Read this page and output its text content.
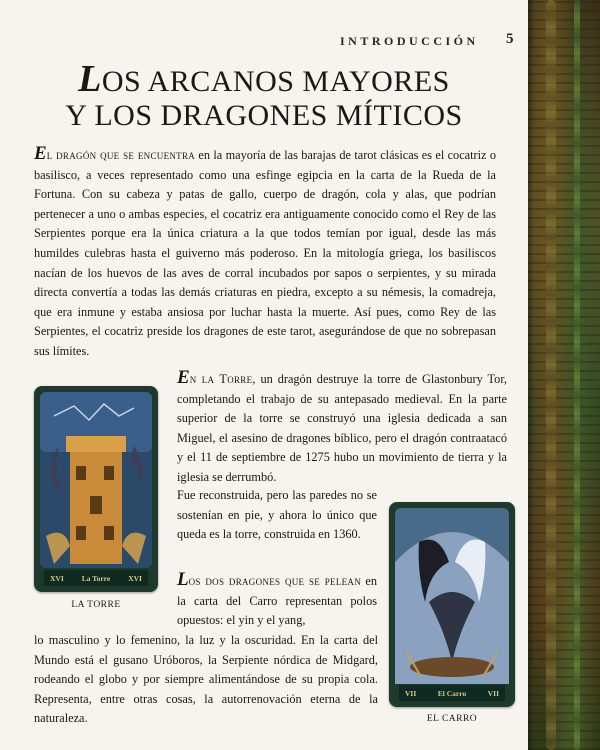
INTRODUCCIÓN 5
LOS ARCANOS MAYORES
Y LOS DRAGONES MÍTICOS
El dragón que se encuentra en la mayoría de las barajas de tarot clásicas es el cocatriz o basilisco, a veces representado como una esfinge egipcia en la carta de la Rueda de la Fortuna. Con su cabeza y patas de gallo, cuerpo de dragón, cola y alas, que podrían pertenecer a uno o ambas especies, el cocatriz era antiguamente conocido como el Rey de las Serpientes porque era la única criatura a la que todos temían por igual, desde las más humildes culebras hasta el guiverno más poderoso. En la mitología griega, los basiliscos nacían de los huevos de las aves de corral incubados por sapos o serpientes, y su mirada directa convertía a todas las demás criaturas en piedra, excepto a su némesis, la comadreja, que era inmune y estaba ansiosa por luchar hasta la muerte. Así pues, como Rey de las Serpientes, el cocatriz preside los dragones de este tarot, asegurándose de que no sobrepasan sus límites.
XVI La Torre XVI
LA TORRE
En la Torre, un dragón destruye la torre de Glastonbury Tor, completando el trabajo de su antepasado medieval. En la parte superior de la torre se construyó una iglesia dedicada a san Miguel, el asesino de dragones bíblico, pero el dragón contraatacó y el 11 de septiembre de 1275 hubo un movimiento de tierra y la iglesia se derrumbó.
Fue reconstruida, pero las paredes no se sostenían en pie, y ahora lo único que queda es la torre, construida en 1360.
Los dos dragones que se pelean en la carta del Carro representan polos opuestos: el yin y el yang,
lo masculino y lo femenino, la luz y la oscuridad. En la carta del Mundo está el gusano Uróboros, la Serpiente nórdica de Midgard, rodeando el globo y por siempre alimentándose de su propia cola. Representa, entre otras cosas, la autorrenovación eterna de la naturaleza.
VII	El Carro	VII
EL CARRO
